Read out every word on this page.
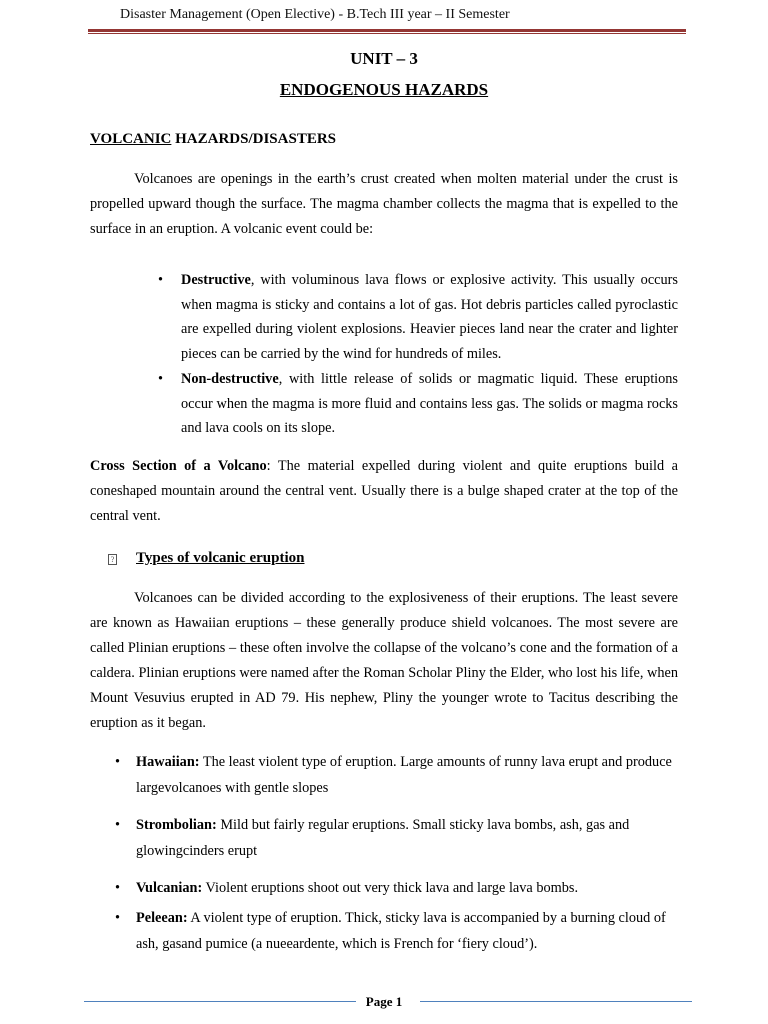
Disaster Management (Open Elective) - B.Tech III year – II Semester
UNIT – 3
ENDOGENOUS HAZARDS
VOLCANIC HAZARDS/DISASTERS
Volcanoes are openings in the earth’s crust created when molten material under the crust is propelled upward though the surface. The magma chamber collects the magma that is expelled to the surface in an eruption. A volcanic event could be:
• Destructive, with voluminous lava flows or explosive activity. This usually occurs when magma is sticky and contains a lot of gas. Hot debris particles called pyroclastic are expelled during violent explosions. Heavier pieces land near the crater and lighter pieces can be carried by the wind for hundreds of miles.
• Non-destructive, with little release of solids or magmatic liquid. These eruptions occur when the magma is more fluid and contains less gas. The solids or magma rocks and lava cools on its slope.
Cross Section of a Volcano: The material expelled during violent and quite eruptions build a coneshaped mountain around the central vent. Usually there is a bulge shaped crater at the top of the central vent.
? Types of volcanic eruption
Volcanoes can be divided according to the explosiveness of their eruptions. The least severe are known as Hawaiian eruptions – these generally produce shield volcanoes. The most severe are called Plinian eruptions – these often involve the collapse of the volcano’s cone and the formation of a caldera. Plinian eruptions were named after the Roman Scholar Pliny the Elder, who lost his life, when Mount Vesuvius erupted in AD 79. His nephew, Pliny the younger wrote to Tacitus describing the eruption as it began.
• Hawaiian: The least violent type of eruption. Large amounts of runny lava erupt and produce largevolcanoes with gentle slopes
• Strombolian: Mild but fairly regular eruptions. Small sticky lava bombs, ash, gas and glowingcinders erupt
• Vulcanian: Violent eruptions shoot out very thick lava and large lava bombs.
• Peleean: A violent type of eruption. Thick, sticky lava is accompanied by a burning cloud of ash, gasand pumice (a nueeardente, which is French for ‘fiery cloud’).
Page 1
